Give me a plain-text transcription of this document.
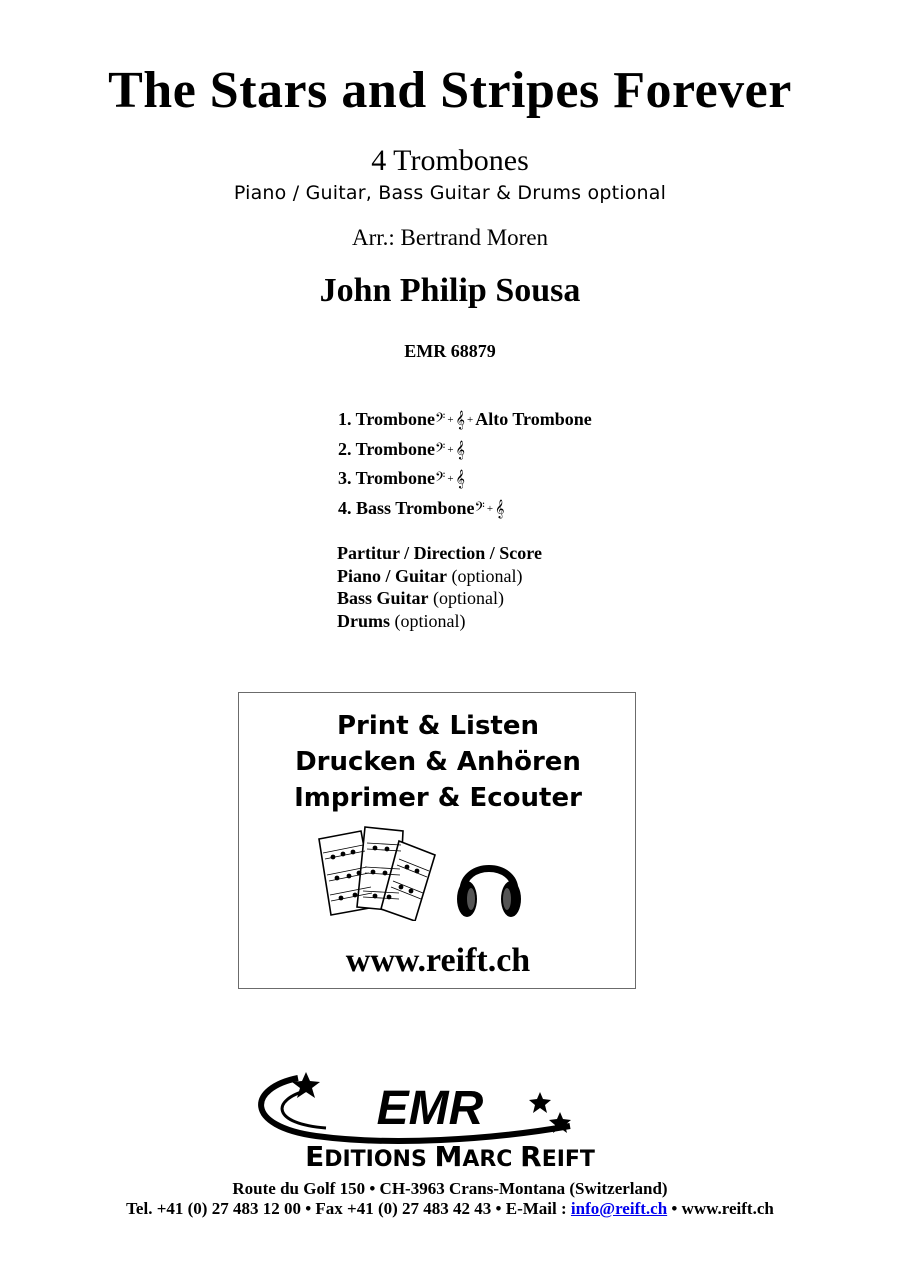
The Stars and Stripes Forever
4 Trombones
Piano / Guitar, Bass Guitar & Drums optional
Arr.: Bertrand Moren
John Philip Sousa
EMR 68879
1. Trombone𝄢 + 𝄞 + Alto Trombone
2. Trombone𝄢 + 𝄞
3. Trombone𝄢 + 𝄞
4. Bass Trombone𝄢 + 𝄞
Partitur / Direction / Score
Piano / Guitar (optional)
Bass Guitar (optional)
Drums (optional)
Print & Listen
Drucken & Anhören
Imprimer & Ecouter
www.reift.ch
EMR
EDITIONS MARC REIFT
Route du Golf 150 • CH-3963 Crans-Montana (Switzerland)
Tel. +41 (0) 27 483 12 00 • Fax +41 (0) 27 483 42 43 • E-Mail : info@reift.ch • www.reift.ch
